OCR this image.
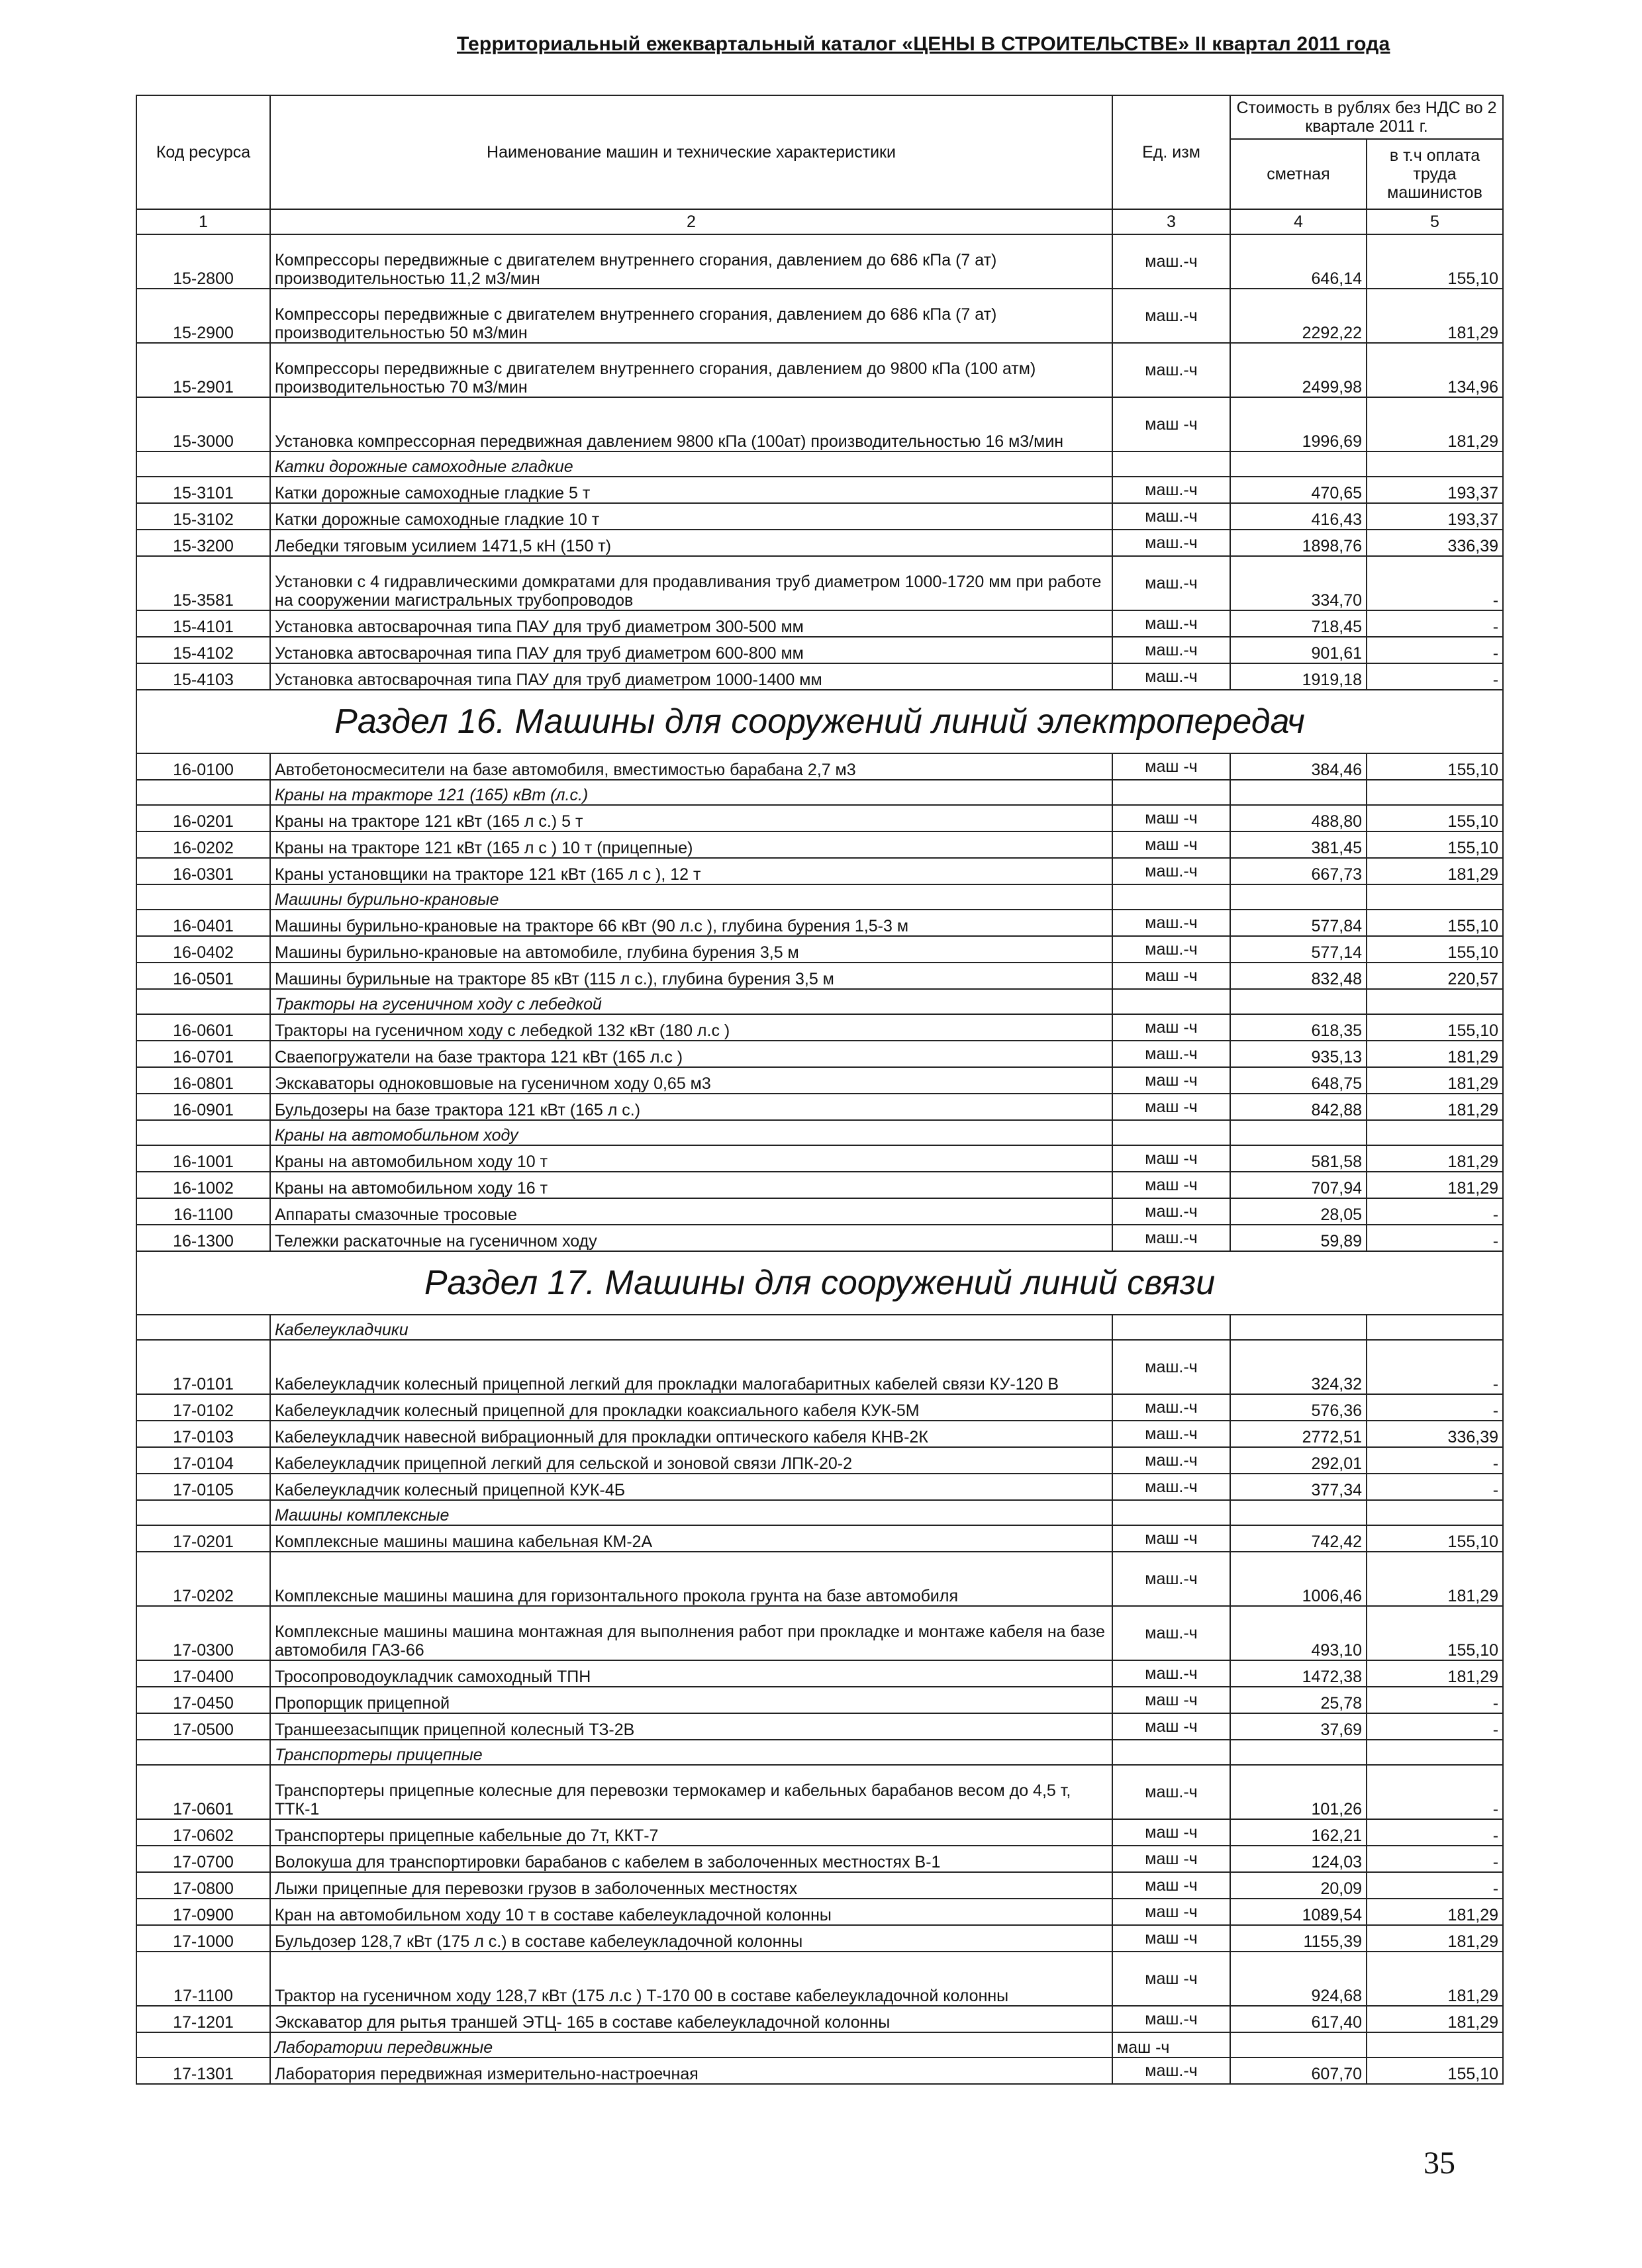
Территориальный ежеквартальный каталог «ЦЕНЫ В СТРОИТЕЛЬСТВЕ» II квартал 2011 года
Код ресурса	Наименование машин и технические характеристики	Ед. изм	Стоимость в рублях без НДС во 2 квартале 2011 г.	
			сметная	в т.ч оплата труда машинистов
1	2	3	4	5
15-2800	Компрессоры передвижные с двигателем внутреннего сгорания, давлением до 686 кПа (7 ат) производительностью 11,2 м3/мин	маш.-ч	646,14	155,10
15-2900	Компрессоры передвижные с двигателем внутреннего сгорания, давлением до 686 кПа (7 ат) производительностью 50 м3/мин	маш.-ч	2292,22	181,29
15-2901	Компрессоры передвижные с двигателем внутреннего сгорания, давлением до 9800 кПа (100 атм) производительностью 70 м3/мин	маш.-ч	2499,98	134,96
15-3000	Установка компрессорная передвижная давлением 9800 кПа (100ат) производительностью 16 м3/мин	маш -ч	1996,69	181,29
	Катки дорожные самоходные гладкие			
15-3101	Катки дорожные самоходные гладкие 5 т	маш.-ч	470,65	193,37
15-3102	Катки дорожные самоходные гладкие 10 т	маш.-ч	416,43	193,37
15-3200	Лебедки тяговым усилием 1471,5 кН (150 т)	маш.-ч	1898,76	336,39
15-3581	Установки с 4 гидравлическими домкратами для продавливания труб диаметром 1000-1720 мм при работе на сооружении магистральных трубопроводов	маш.-ч	334,70	-
15-4101	Установка автосварочная типа ПАУ для труб диаметром 300-500 мм	маш.-ч	718,45	-
15-4102	Установка автосварочная типа ПАУ для труб диаметром 600-800 мм	маш.-ч	901,61	-
15-4103	Установка автосварочная типа ПАУ для труб диаметром 1000-1400 мм	маш.-ч	1919,18	-
Раздел 16. Машины для сооружений линий электропередач				
16-0100	Автобетоносмесители на базе автомобиля, вместимостью барабана 2,7 м3	маш -ч	384,46	155,10
	Краны на тракторе 121 (165) кВт (л.с.)			
16-0201	Краны на тракторе 121 кВт (165 л с.) 5 т	маш -ч	488,80	155,10
16-0202	Краны на тракторе 121 кВт (165 л с ) 10 т (прицепные)	маш -ч	381,45	155,10
16-0301	Краны установщики на тракторе 121 кВт (165 л с ), 12 т	маш.-ч	667,73	181,29
	Машины бурильно-крановые			
16-0401	Машины бурильно-крановые на тракторе 66 кВт (90 л.с ), глубина бурения 1,5-3 м	маш.-ч	577,84	155,10
16-0402	Машины бурильно-крановые на автомобиле, глубина бурения 3,5 м	маш.-ч	577,14	155,10
16-0501	Машины бурильные на тракторе 85 кВт (115 л с.), глубина бурения 3,5 м	маш -ч	832,48	220,57
	Тракторы на гусеничном ходу с лебедкой			
16-0601	Тракторы на гусеничном ходу с лебедкой 132 кВт (180 л.с )	маш -ч	618,35	155,10
16-0701	Сваепогружатели на базе трактора 121 кВт (165 л.с )	маш.-ч	935,13	181,29
16-0801	Экскаваторы одноковшовые на гусеничном ходу 0,65 м3	маш -ч	648,75	181,29
16-0901	Бульдозеры на базе трактора 121 кВт (165 л с.)	маш -ч	842,88	181,29
	Краны на автомобильном ходу			
16-1001	Краны на автомобильном ходу 10 т	маш -ч	581,58	181,29
16-1002	Краны на автомобильном ходу 16 т	маш -ч	707,94	181,29
16-1100	Аппараты смазочные тросовые	маш.-ч	28,05	-
16-1300	Тележки раскаточные на гусеничном ходу	маш.-ч	59,89	-
Раздел 17. Машины для сооружений линий связи				
	Кабелеукладчики			
17-0101	Кабелеукладчик колесный прицепной легкий для прокладки малогабаритных кабелей связи КУ-120 В	маш.-ч	324,32	-
17-0102	Кабелеукладчик колесный прицепной для прокладки коаксиального кабеля КУК-5М	маш.-ч	576,36	-
17-0103	Кабелеукладчик навесной вибрационный для прокладки оптического кабеля КНВ-2К	маш.-ч	2772,51	336,39
17-0104	Кабелеукладчик прицепной легкий для сельской и зоновой связи ЛПК-20-2	маш.-ч	292,01	-
17-0105	Кабелеукладчик колесный прицепной КУК-4Б	маш.-ч	377,34	-
	Машины комплексные			
17-0201	Комплексные машины машина кабельная КМ-2А	маш -ч	742,42	155,10
17-0202	Комплексные машины машина для горизонтального прокола грунта на базе автомобиля	маш.-ч	1006,46	181,29
17-0300	Комплексные машины машина монтажная для выполнения работ при прокладке и монтаже кабеля на базе автомобиля ГАЗ-66	маш.-ч	493,10	155,10
17-0400	Тросопроводоукладчик самоходный ТПН	маш.-ч	1472,38	181,29
17-0450	Пропорщик прицепной	маш -ч	25,78	-
17-0500	Траншеезасыпщик прицепной колесный ТЗ-2В	маш -ч	37,69	-
	Транспортеры прицепные			
17-0601	Транспортеры прицепные колесные для перевозки термокамер и кабельных барабанов весом до 4,5 т, ТТК-1	маш.-ч	101,26	-
17-0602	Транспортеры прицепные кабельные до 7т, ККТ-7	маш -ч	162,21	-
17-0700	Волокуша для транспортировки барабанов с кабелем в заболоченных местностях В-1	маш -ч	124,03	-
17-0800	Лыжи прицепные для перевозки грузов в заболоченных местностях	маш -ч	20,09	-
17-0900	Кран на автомобильном ходу 10 т в составе кабелеукладочной колонны	маш -ч	1089,54	181,29
17-1000	Бульдозер 128,7 кВт (175 л с.) в составе кабелеукладочной колонны	маш -ч	1155,39	181,29
17-1100	Трактор на гусеничном ходу 128,7 кВт (175 л.с ) Т-170 00 в составе кабелеукладочной колонны	маш -ч	924,68	181,29
17-1201	Экскаватор для рытья траншей ЭТЦ- 165 в составе кабелеукладочной колонны	маш.-ч	617,40	181,29
	Лаборатории передвижные	маш -ч		
17-1301	Лаборатория передвижная измерительно-настроечная	маш.-ч	607,70	155,10
35
